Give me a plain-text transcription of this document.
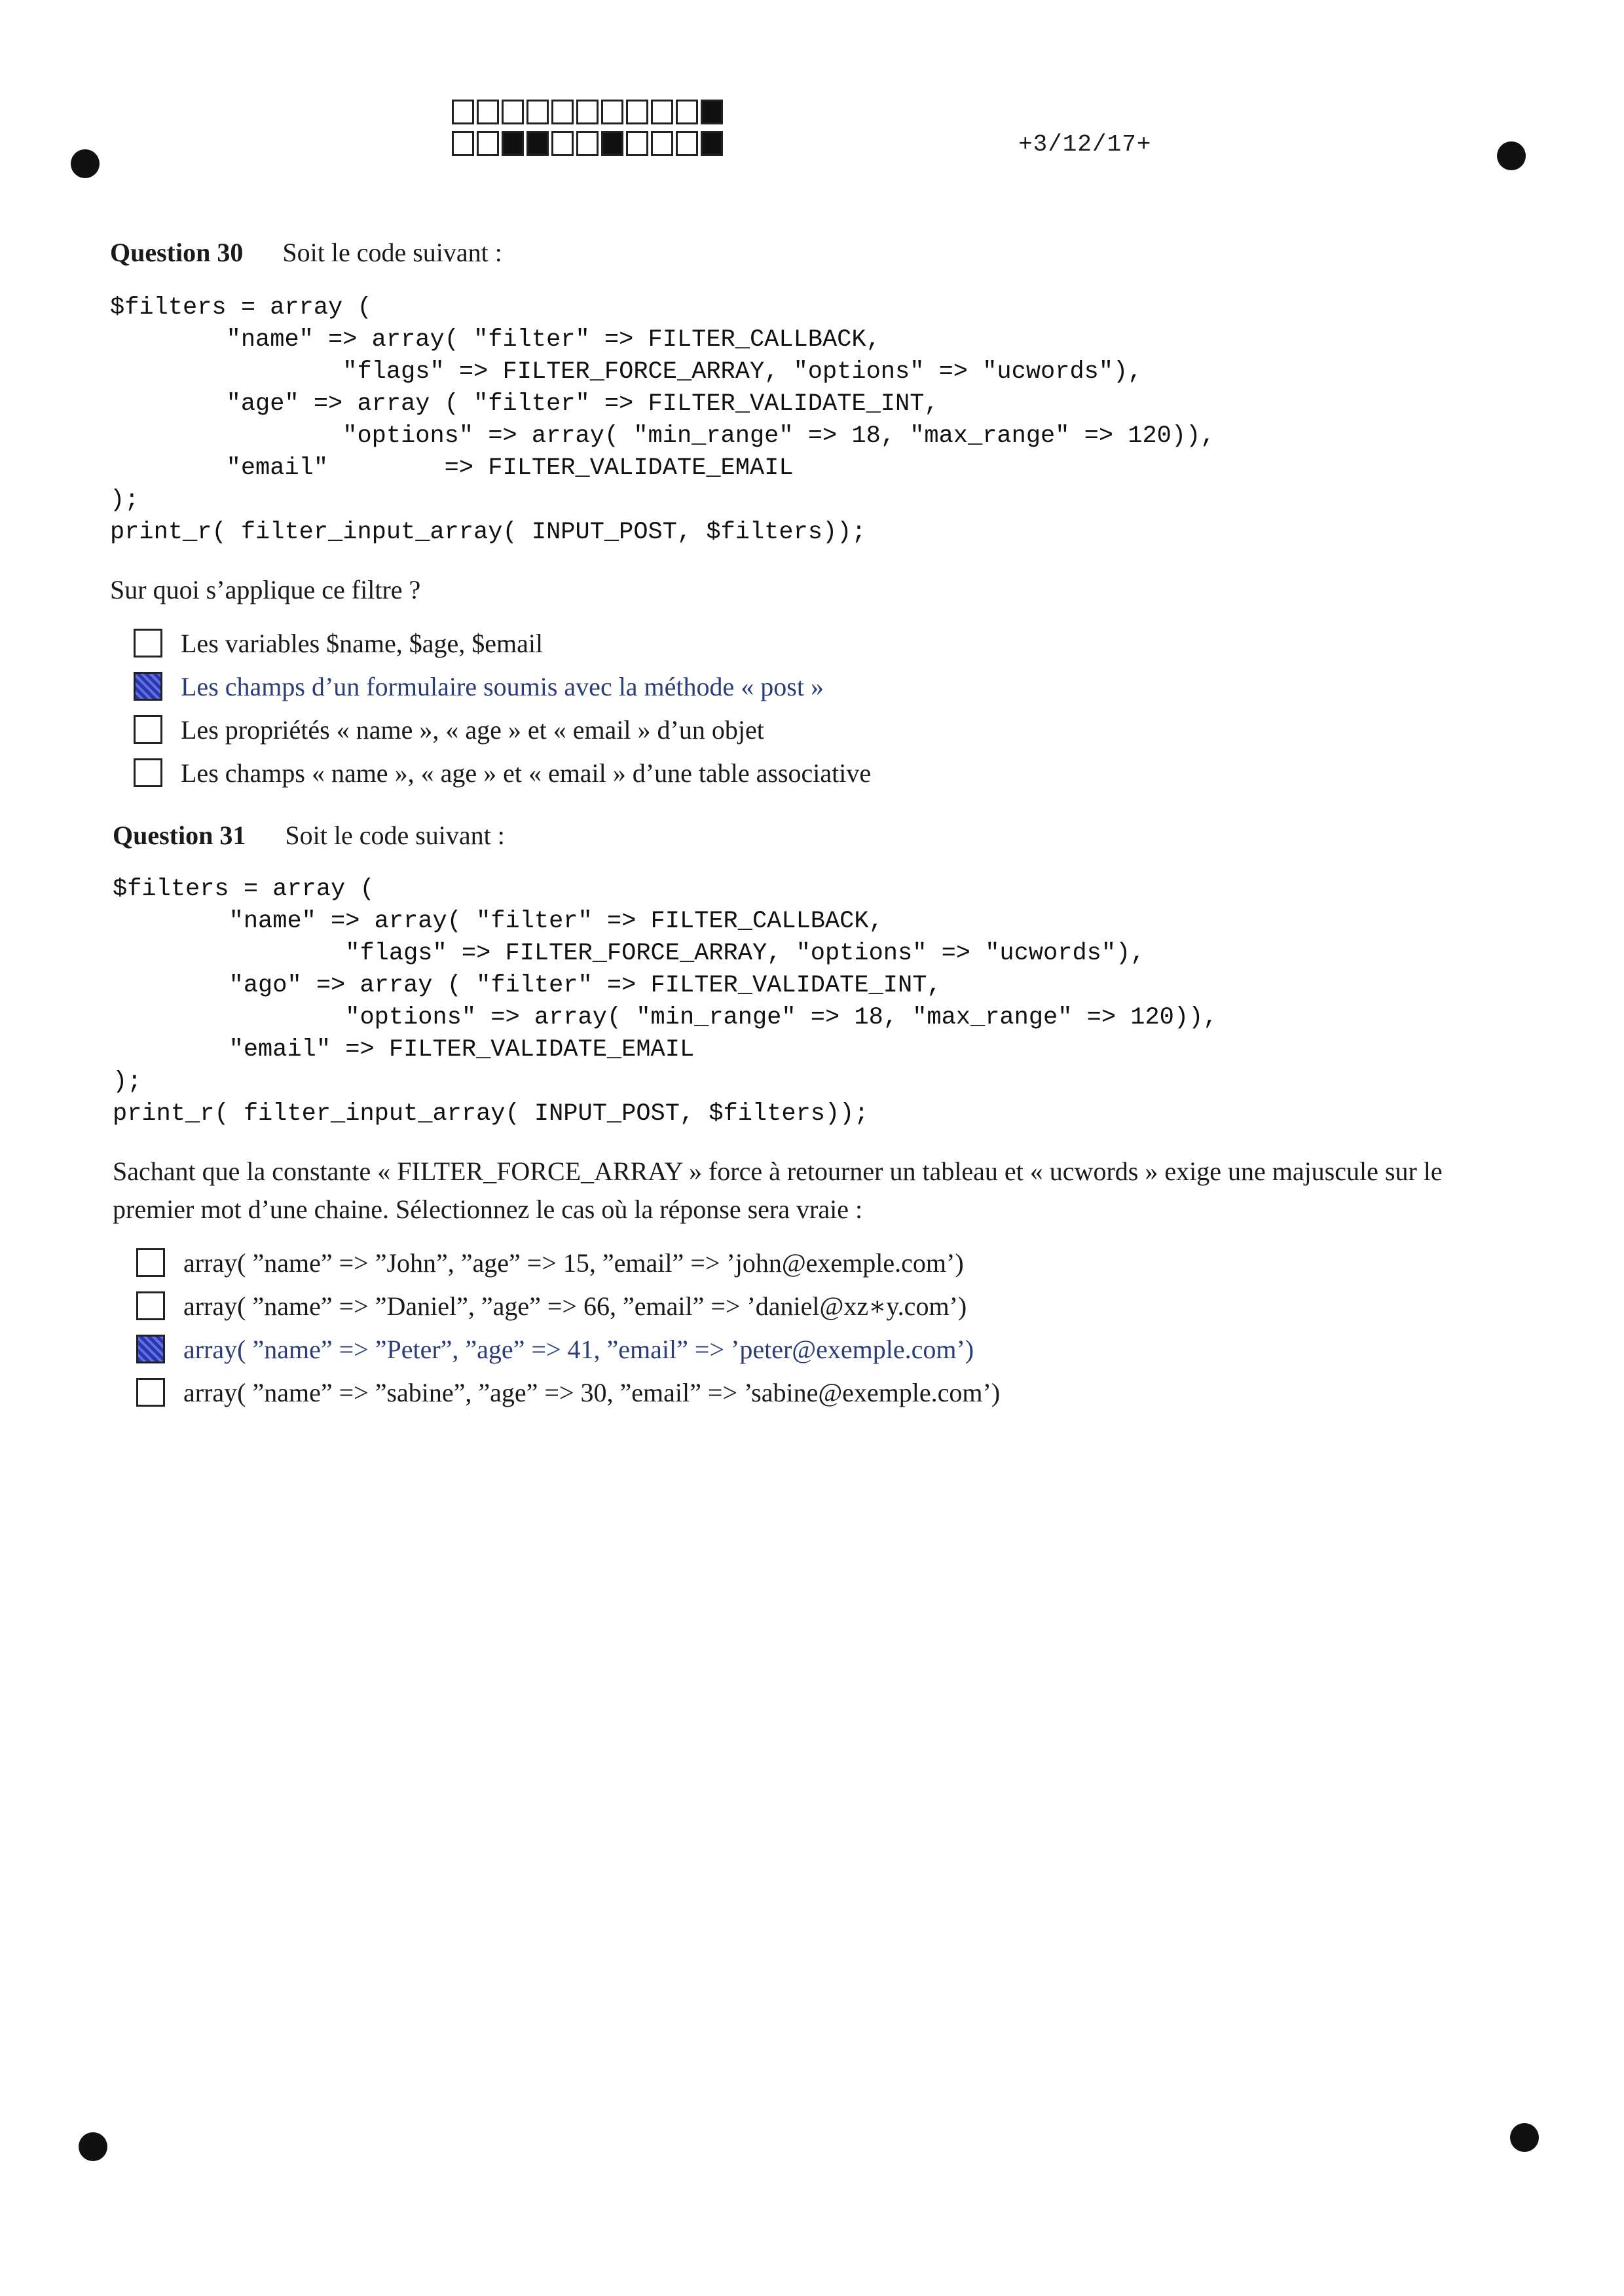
+3/12/17+
Question 30 Soit le code suivant :
$filters = array (
"name" => array( "filter" => FILTER_CALLBACK,
"flags" => FILTER_FORCE_ARRAY, "options" => "ucwords"),
"age" => array ( "filter" => FILTER_VALIDATE_INT,
"options" => array( "min_range" => 18, "max_range" => 120)),
"email"        => FILTER_VALIDATE_EMAIL
);
print_r( filter_input_array( INPUT_POST, $filters));
Sur quoi s’applique ce filtre ?
Les variables $name, $age, $email
Les champs d’un formulaire soumis avec la méthode « post »
Les propriétés « name », « age » et « email » d’un objet
Les champs « name », « age » et « email » d’une table associative
Question 31 Soit le code suivant :
$filters = array (
"name" => array( "filter" => FILTER_CALLBACK,
"flags" => FILTER_FORCE_ARRAY, "options" => "ucwords"),
"ago" => array ( "filter" => FILTER_VALIDATE_INT,
"options" => array( "min_range" => 18, "max_range" => 120)),
"email" => FILTER_VALIDATE_EMAIL
);
print_r( filter_input_array( INPUT_POST, $filters));
Sachant que la constante « FILTER_FORCE_ARRAY » force à retourner un tableau et « ucwords » exige une majuscule sur le premier mot d’une chaine. Sélectionnez le cas où la réponse sera vraie :
array( ”name” => ”John”, ”age” => 15, ”email” => ’john@exemple.com’)
array( ”name” => ”Daniel”, ”age” => 66, ”email” => ’daniel@xz∗y.com’)
array( ”name” => ”Peter”, ”age” => 41, ”email” => ’peter@exemple.com’)
array( ”name” => ”sabine”, ”age” => 30, ”email” => ’sabine@exemple.com’)
